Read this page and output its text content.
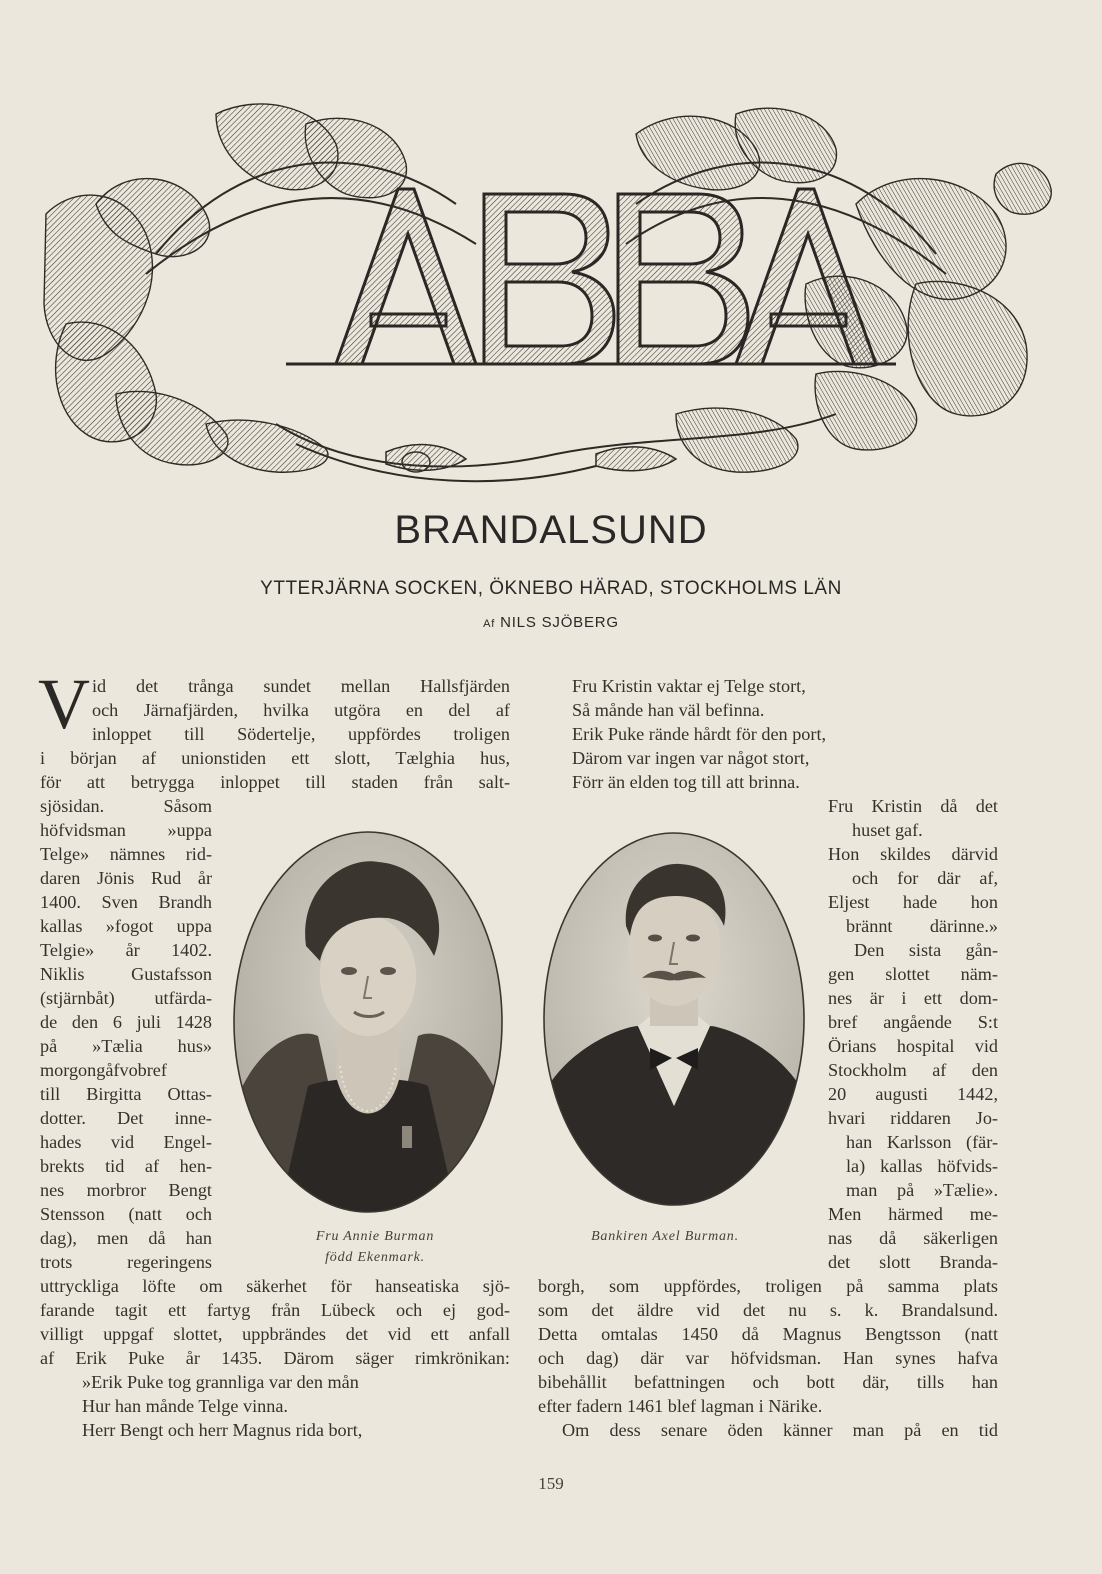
BRANDALSUND
YTTERJÄRNA SOCKEN, ÖKNEBO HÄRAD, STOCKHOLMS LÄN
Af NILS SJÖBERG
V id det trånga sundet mellan Hallsfjärden
och Järnafjärden, hvilka utgöra en del af
inloppet till Södertelje, uppfördes troligen
i början af unionstiden ett slott, Tælghia hus,
för att betrygga inloppet till staden från salt-
sjösidan. Såsom
höfvidsman »uppa
Telge» nämnes rid-
daren Jönis Rud år
1400. Sven Brandh
kallas »fogot uppa
Telgie» år 1402.
Niklis Gustafsson
(stjärnbåt) utfärda-
de den 6 juli 1428
på »Tælia hus»
morgongåfvobref
till Birgitta Ottas-
dotter. Det inne-
hades vid Engel-
brekts tid af hen-
nes morbror Bengt
Stensson (natt och
dag), men då han
trots regeringens
uttryckliga löfte om säkerhet för hanseatiska sjö-
farande tagit ett fartyg från Lübeck och ej god-
villigt uppgaf slottet, uppbrändes det vid ett anfall
af Erik Puke år 1435. Därom säger rimkrönikan:
»Erik Puke tog grannliga var den mån
Hur han månde Telge vinna.
Herr Bengt och herr Magnus rida bort,
Fru Kristin vaktar ej Telge stort,
Så månde han väl befinna.
Erik Puke rände hårdt för den port,
Därom var ingen var något stort,
Förr än elden tog till att brinna.
Fru Kristin då det
huset gaf.
Hon skildes därvid
och for där af,
Eljest hade hon
brännt därinne.»
Den sista gån-
gen slottet näm-
nes är i ett dom-
bref angående S:t
Örians hospital vid
Stockholm af den
20 augusti 1442,
hvari riddaren Jo-
han Karlsson (fär-
la) kallas höfvids-
man på »Tælie».
Men härmed me-
nas då säkerligen
det slott Branda-
borgh, som uppfördes, troligen på samma plats
som det äldre vid det nu s. k. Brandalsund.
Detta omtalas 1450 då Magnus Bengtsson (natt
och dag) där var höfvidsman. Han synes hafva
bibehållit befattningen och bott där, tills han
efter fadern 1461 blef lagman i Närike.
Om dess senare öden känner man på en tid
Fru Annie Burman
född Ekenmark.
Bankiren Axel Burman.
159
